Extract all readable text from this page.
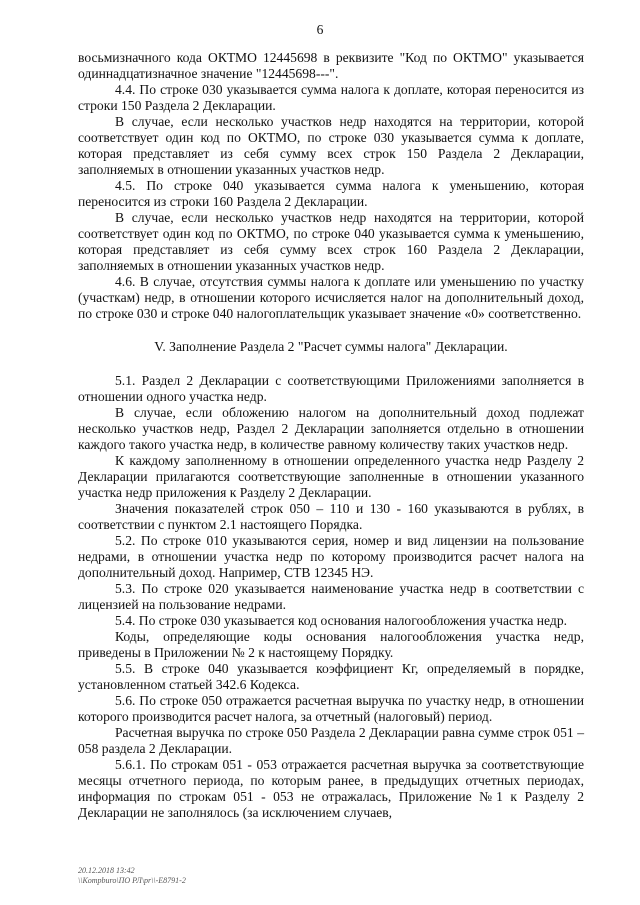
6

восьмизначного кода ОКТМО 12445698 в реквизите "Код по ОКТМО" указывается одиннадцатизначное значение "12445698---".

4.4. По строке 030 указывается сумма налога к доплате, которая переносится из строки 150 Раздела 2 Декларации.

В случае, если несколько участков недр находятся на территории, которой соответствует один код по ОКТМО, по строке 030 указывается сумма к доплате, которая представляет из себя сумму всех строк 150 Раздела 2 Декларации, заполняемых в отношении указанных участков недр.

4.5. По строке 040 указывается сумма налога к уменьшению, которая переносится из строки 160 Раздела 2 Декларации.

В случае, если несколько участков недр находятся на территории, которой соответствует один код по ОКТМО, по строке 040 указывается сумма к уменьшению, которая представляет из себя сумму всех строк 160 Раздела 2 Декларации, заполняемых в отношении указанных участков недр.

4.6. В случае, отсутствия суммы налога к доплате или уменьшению по участку (участкам) недр, в отношении которого исчисляется налог на дополнительный доход, по строке 030 и строке 040 налогоплательщик указывает значение «0» соответственно.

V. Заполнение Раздела 2 "Расчет суммы налога" Декларации.

5.1. Раздел 2 Декларации с соответствующими Приложениями заполняется в отношении одного участка недр.

В случае, если обложению налогом на дополнительный доход подлежат несколько участков недр, Раздел 2 Декларации заполняется отдельно в отношении каждого такого участка недр, в количестве равному количеству таких участков недр.

К каждому заполненному в отношении определенного участка недр Разделу 2 Декларации прилагаются соответствующие заполненные в отношении указанного участка недр приложения к Разделу 2 Декларации.

Значения показателей строк 050 – 110 и 130 - 160 указываются в рублях, в соответствии с пунктом 2.1 настоящего Порядка.

5.2. По строке 010 указываются серия, номер и вид лицензии на пользование недрами, в отношении участка недр по которому производится расчет налога на дополнительный доход. Например, СТВ 12345 НЭ.

5.3. По строке 020 указывается наименование участка недр в соответствии с лицензией на пользование недрами.

5.4. По строке 030 указывается код основания налогообложения участка недр.

Коды, определяющие коды основания налогообложения участка недр, приведены в Приложении № 2 к настоящему Порядку.

5.5. В строке 040 указывается коэффициент Кг, определяемый в порядке, установленном статьей 342.6 Кодекса.

5.6. По строке 050 отражается расчетная выручка по участку недр, в отношении которого производится расчет налога, за отчетный (налоговый) период.

Расчетная выручка по строке 050 Раздела 2 Декларации равна сумме строк 051 – 058 раздела 2 Декларации.

5.6.1. По строкам 051 - 053 отражается расчетная выручка за соответствующие месяцы отчетного периода, по которым ранее, в предыдущих отчетных периодах, информация по строкам 051 - 053 не отражалась, Приложение №1 к Разделу 2 Декларации не заполнялось (за исключением случаев,

20.12.2018 13:42
\\Kompburo\ПО РЛ\pr\\-E8791-2
